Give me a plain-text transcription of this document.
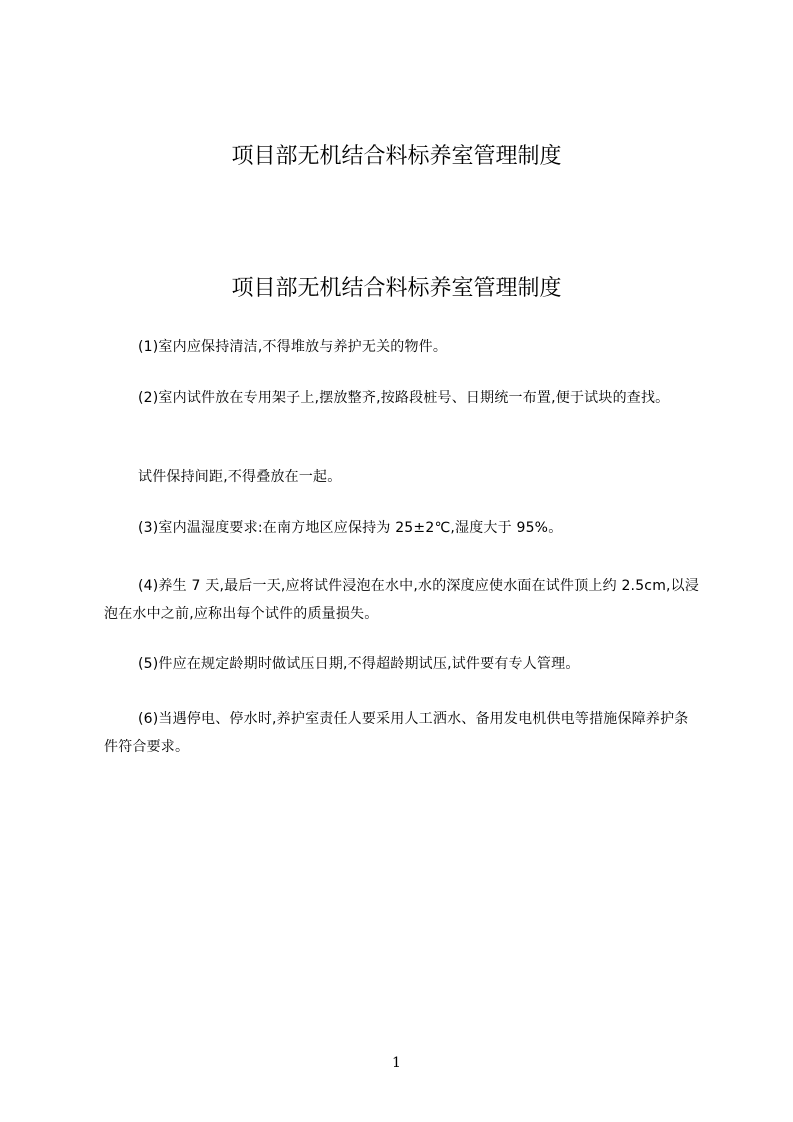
项目部无机结合料标养室管理制度
项目部无机结合料标养室管理制度
(1)室内应保持清洁,不得堆放与养护无关的物件。
(2)室内试件放在专用架子上,摆放整齐,按路段桩号、日期统一布置,便于试块的查找。
试件保持间距,不得叠放在一起。
(3)室内温湿度要求:在南方地区应保持为 25±2℃,湿度大于 95%。
(4)养生 7 天,最后一天,应将试件浸泡在水中,水的深度应使水面在试件顶上约 2.5cm,以浸泡在水中之前,应称出每个试件的质量损失。
(5)件应在规定龄期时做试压日期,不得超龄期试压,试件要有专人管理。
(6)当遇停电、停水时,养护室责任人要采用人工洒水、备用发电机供电等措施保障养护条件符合要求。
1
